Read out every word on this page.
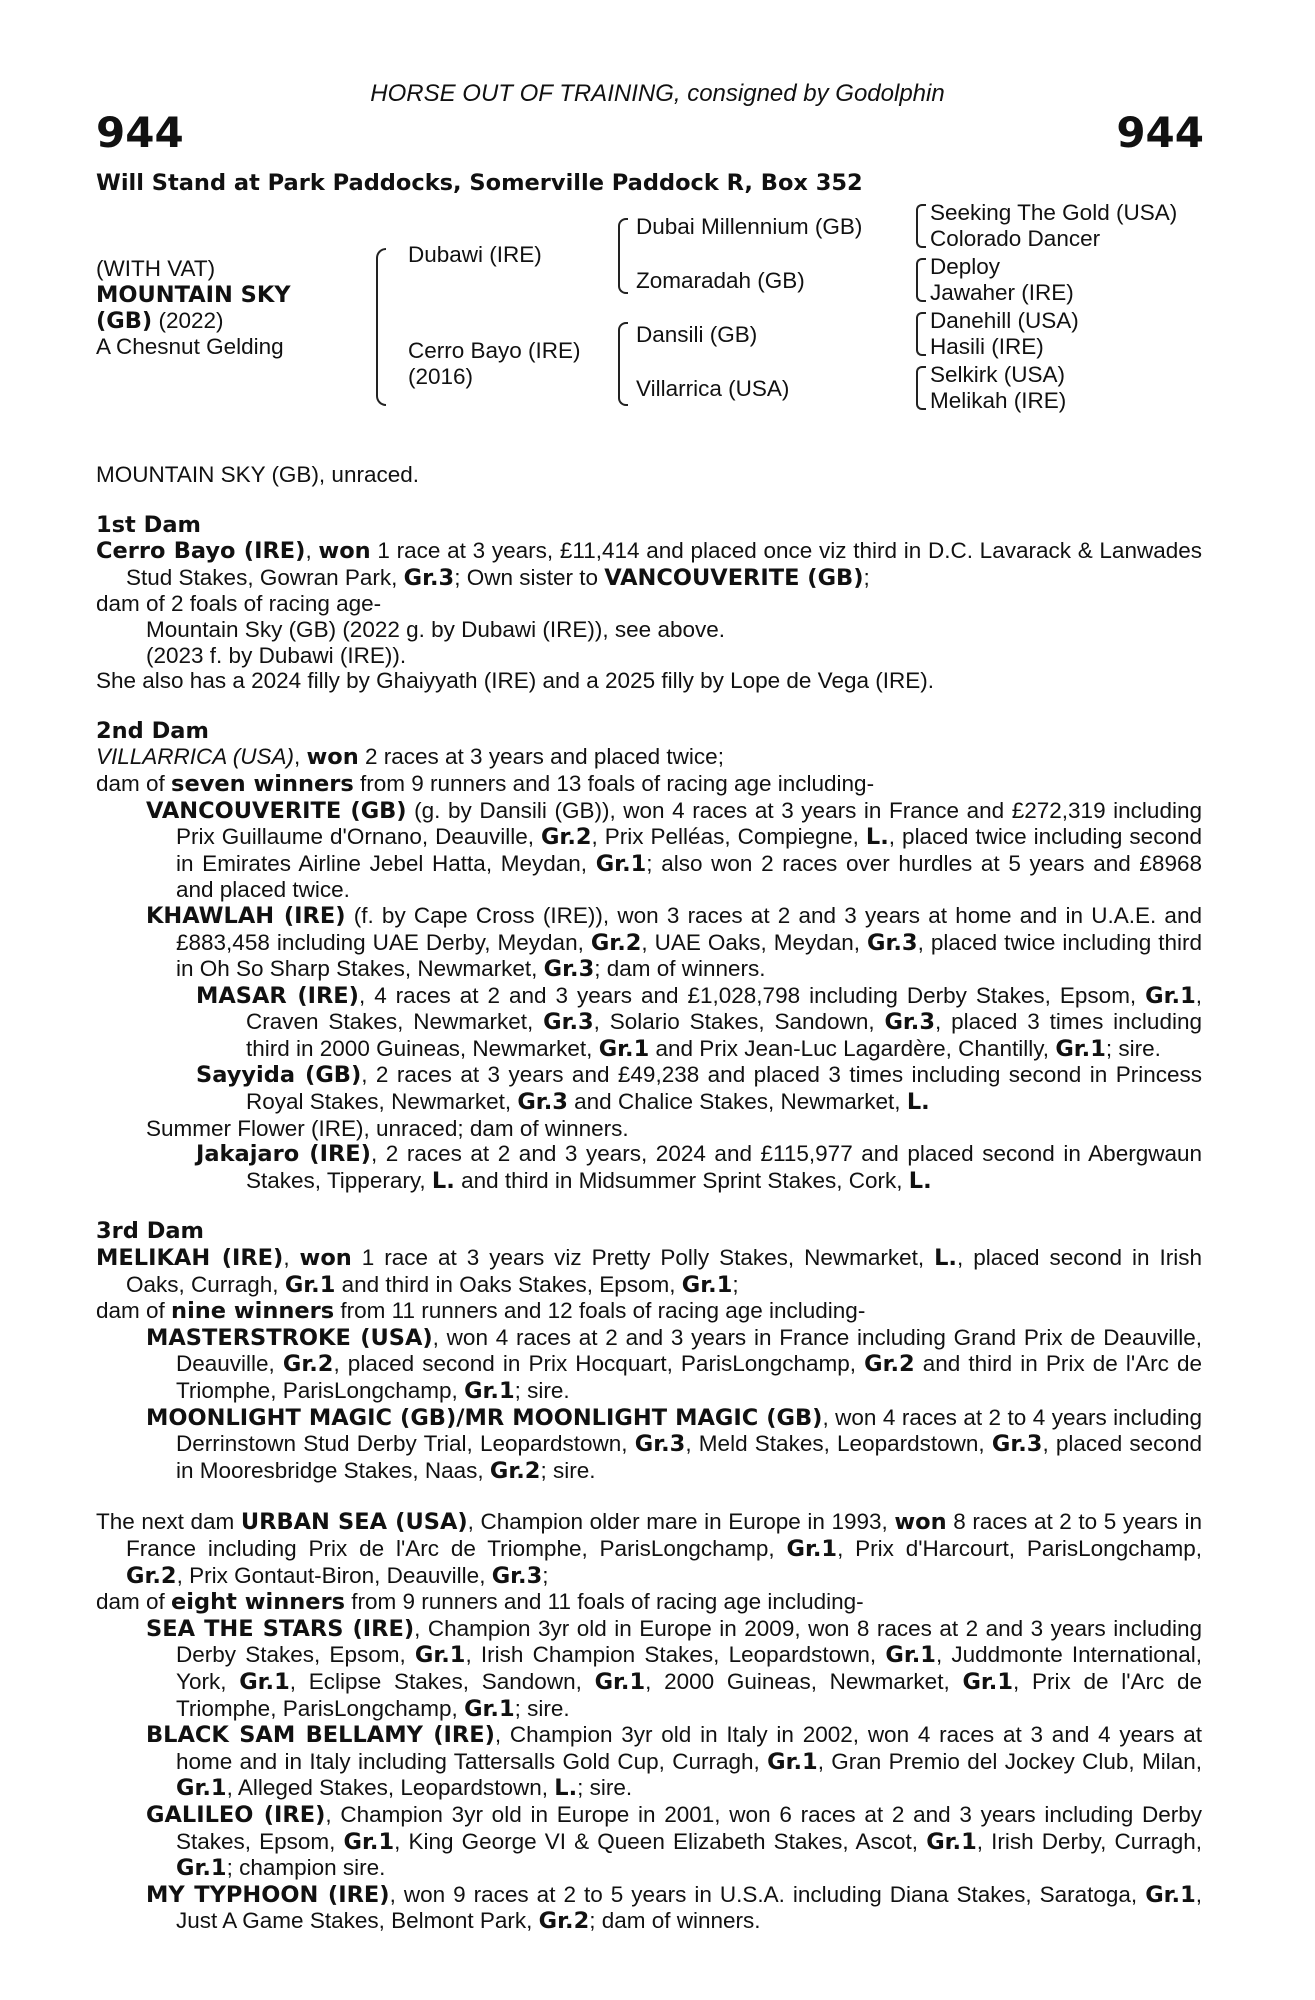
HORSE OUT OF TRAINING, consigned by Godolphin
944	944
Will Stand at Park Paddocks, Somerville Paddock R, Box 352
(WITH VAT)
MOUNTAIN SKY
(GB) (2022)
A Chesnut Gelding
Dubawi (IRE)
Cerro Bayo (IRE)
(2016)
Dubai Millennium (GB)
Zomaradah (GB)
Dansili (GB)
Villarrica (USA)
Seeking The Gold (USA)
Colorado Dancer
Deploy
Jawaher (IRE)
Danehill (USA)
Hasili (IRE)
Selkirk (USA)
Melikah (IRE)

MOUNTAIN SKY (GB), unraced.

1st Dam

Cerro Bayo (IRE), won 1 race at 3 years, £11,414 and placed once viz third in D.C. Lavarack & Lanwades Stud Stakes, Gowran Park, Gr.3; Own sister to VANCOUVERITE (GB);

dam of 2 foals of racing age-

Mountain Sky (GB) (2022 g. by Dubawi (IRE)), see above.

(2023 f. by Dubawi (IRE)).

She also has a 2024 filly by Ghaiyyath (IRE) and a 2025 filly by Lope de Vega (IRE).

2nd Dam

VILLARRICA (USA), won 2 races at 3 years and placed twice;

dam of seven winners from 9 runners and 13 foals of racing age including-

VANCOUVERITE (GB) (g. by Dansili (GB)), won 4 races at 3 years in France and £272,319 including Prix Guillaume d'Ornano, Deauville, Gr.2, Prix Pelléas, Compiegne, L., placed twice including second in Emirates Airline Jebel Hatta, Meydan, Gr.1; also won 2 races over hurdles at 5 years and £8968 and placed twice.

KHAWLAH (IRE) (f. by Cape Cross (IRE)), won 3 races at 2 and 3 years at home and in U.A.E. and £883,458 including UAE Derby, Meydan, Gr.2, UAE Oaks, Meydan, Gr.3, placed twice including third in Oh So Sharp Stakes, Newmarket, Gr.3; dam of winners.

MASAR (IRE), 4 races at 2 and 3 years and £1,028,798 including Derby Stakes, Epsom, Gr.1, Craven Stakes, Newmarket, Gr.3, Solario Stakes, Sandown, Gr.3, placed 3 times including third in 2000 Guineas, Newmarket, Gr.1 and Prix Jean-Luc Lagardère, Chantilly, Gr.1; sire.

Sayyida (GB), 2 races at 3 years and £49,238 and placed 3 times including second in Princess Royal Stakes, Newmarket, Gr.3 and Chalice Stakes, Newmarket, L.

Summer Flower (IRE), unraced; dam of winners.

Jakajaro (IRE), 2 races at 2 and 3 years, 2024 and £115,977 and placed second in Abergwaun Stakes, Tipperary, L. and third in Midsummer Sprint Stakes, Cork, L.

3rd Dam

MELIKAH (IRE), won 1 race at 3 years viz Pretty Polly Stakes, Newmarket, L., placed second in Irish Oaks, Curragh, Gr.1 and third in Oaks Stakes, Epsom, Gr.1;

dam of nine winners from 11 runners and 12 foals of racing age including-

MASTERSTROKE (USA), won 4 races at 2 and 3 years in France including Grand Prix de Deauville, Deauville, Gr.2, placed second in Prix Hocquart, ParisLongchamp, Gr.2 and third in Prix de l'Arc de Triomphe, ParisLongchamp, Gr.1; sire.

MOONLIGHT MAGIC (GB)/MR MOONLIGHT MAGIC (GB), won 4 races at 2 to 4 years including Derrinstown Stud Derby Trial, Leopardstown, Gr.3, Meld Stakes, Leopardstown, Gr.3, placed second in Mooresbridge Stakes, Naas, Gr.2; sire.

The next dam URBAN SEA (USA), Champion older mare in Europe in 1993, won 8 races at 2 to 5 years in France including Prix de l'Arc de Triomphe, ParisLongchamp, Gr.1, Prix d'Harcourt, ParisLongchamp, Gr.2, Prix Gontaut-Biron, Deauville, Gr.3;

dam of eight winners from 9 runners and 11 foals of racing age including-

SEA THE STARS (IRE), Champion 3yr old in Europe in 2009, won 8 races at 2 and 3 years including Derby Stakes, Epsom, Gr.1, Irish Champion Stakes, Leopardstown, Gr.1, Juddmonte International, York, Gr.1, Eclipse Stakes, Sandown, Gr.1, 2000 Guineas, Newmarket, Gr.1, Prix de l'Arc de Triomphe, ParisLongchamp, Gr.1; sire.

BLACK SAM BELLAMY (IRE), Champion 3yr old in Italy in 2002, won 4 races at 3 and 4 years at home and in Italy including Tattersalls Gold Cup, Curragh, Gr.1, Gran Premio del Jockey Club, Milan, Gr.1, Alleged Stakes, Leopardstown, L.; sire.

GALILEO (IRE), Champion 3yr old in Europe in 2001, won 6 races at 2 and 3 years including Derby Stakes, Epsom, Gr.1, King George VI & Queen Elizabeth Stakes, Ascot, Gr.1, Irish Derby, Curragh, Gr.1; champion sire.

MY TYPHOON (IRE), won 9 races at 2 to 5 years in U.S.A. including Diana Stakes, Saratoga, Gr.1, Just A Game Stakes, Belmont Park, Gr.2; dam of winners.
